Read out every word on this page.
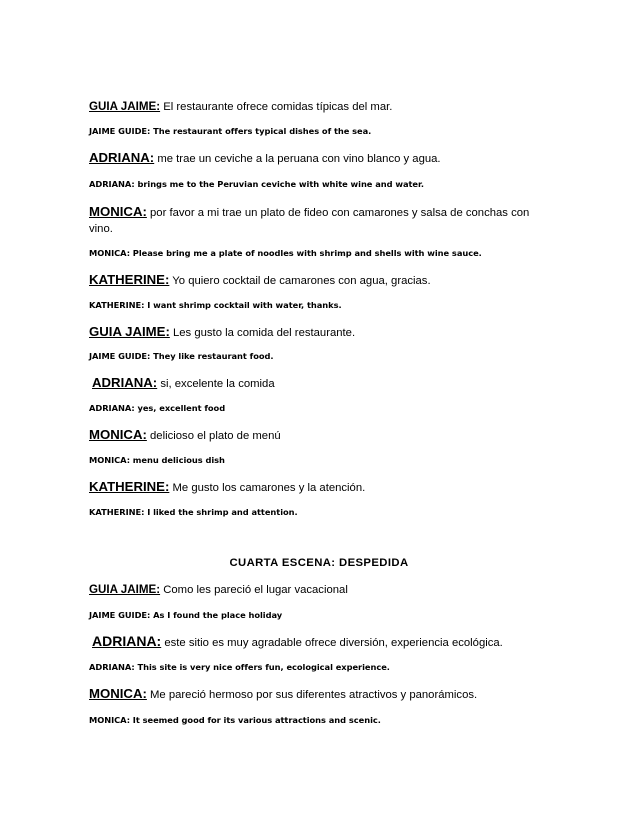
GUIA JAIME: El restaurante ofrece comidas típicas del mar.
JAIME GUIDE: The restaurant offers typical dishes of the sea.
ADRIANA: me trae un ceviche a la peruana con vino blanco y agua.
ADRIANA: brings me to the Peruvian ceviche with white wine and water.
MONICA: por favor a mi trae un plato de fideo con camarones y salsa de conchas con
vino.
MONICA: Please bring me a plate of noodles with shrimp and shells with wine sauce.
KATHERINE: Yo quiero cocktail de camarones con agua, gracias.
KATHERINE: I want shrimp cocktail with water, thanks.
GUIA JAIME: Les gusto la comida del restaurante.
JAIME GUIDE: They like restaurant food.
ADRIANA: si, excelente la comida
ADRIANA: yes, excellent food
MONICA: delicioso el plato de menú
MONICA: menu delicious dish
KATHERINE: Me gusto los camarones y la atención.
KATHERINE: I liked the shrimp and attention.
CUARTA ESCENA: DESPEDIDA
GUIA JAIME: Como les pareció el lugar vacacional
JAIME GUIDE: As I found the place holiday
ADRIANA: este sitio es muy agradable ofrece diversión, experiencia ecológica.
ADRIANA: This site is very nice offers fun, ecological experience.
MONICA: Me pareció hermoso por sus diferentes atractivos y panorámicos.
MONICA: It seemed good for its various attractions and scenic.
